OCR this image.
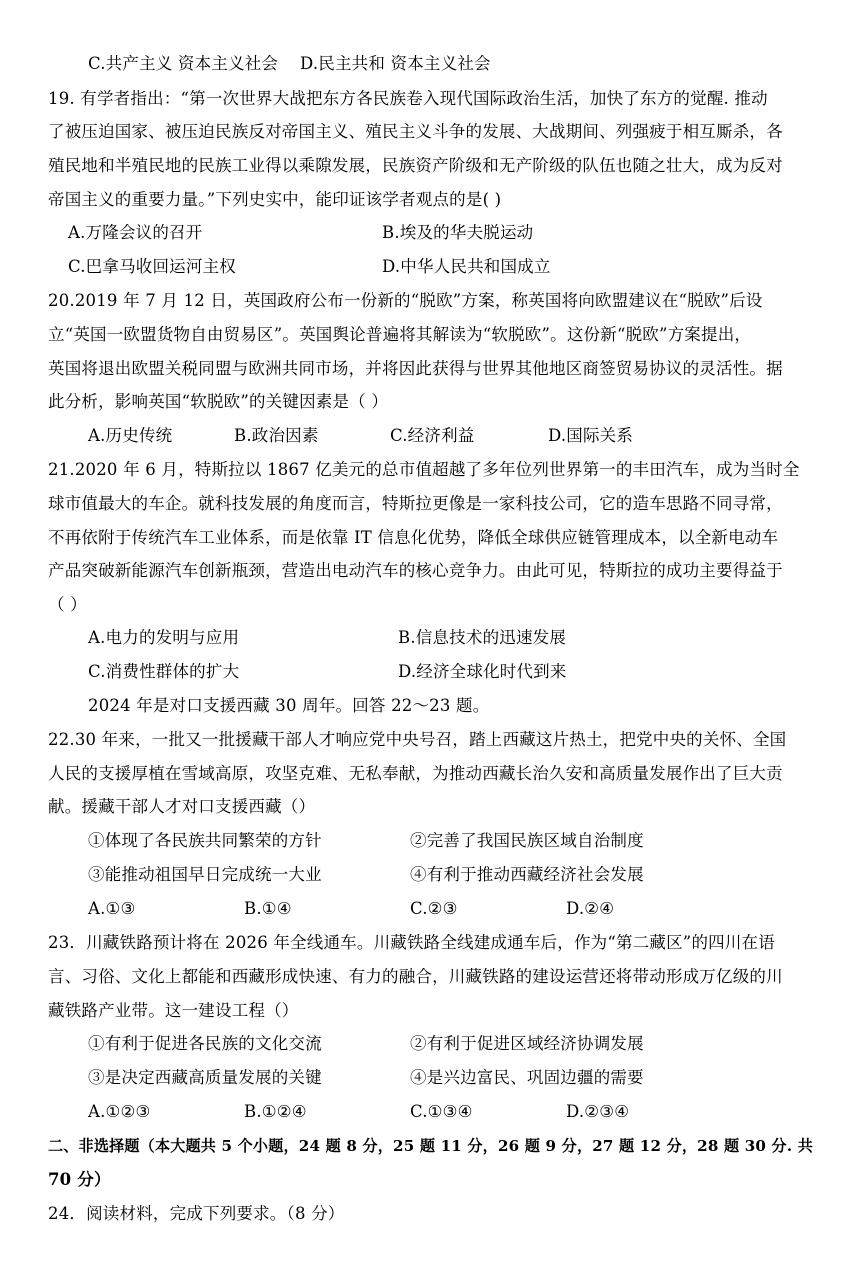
C.共产主义 资本主义社会 D.民主共和 资本主义社会
19. 有学者指出：“第一次世界大战把东方各民族卷入现代国际政治生活，加快了东方的觉醒. 推动
了被压迫国家、被压迫民族反对帝国主义、殖民主义斗争的发展、大战期间、列强疲于相互厮杀，各
殖民地和半殖民地的民族工业得以乘隙发展，民族资产阶级和无产阶级的队伍也随之壮大，成为反对
帝国主义的重要力量。”下列史实中，能印证该学者观点的是( )
A.万隆会议的召开	B.埃及的华夫脱运动
C.巴拿马收回运河主权	D.中华人民共和国成立
20.2019 年 7 月 12 日，英国政府公布一份新的“脱欧”方案，称英国将向欧盟建议在“脱欧”后设
立“英国一欧盟货物自由贸易区”。英国舆论普遍将其解读为“软脱欧”。这份新“脱欧”方案提出，
英国将退出欧盟关税同盟与欧洲共同市场，并将因此获得与世界其他地区商签贸易协议的灵活性。据
此分析，影响英国“软脱欧”的关键因素是（ ）
A.历史传统	B.政治因素	C.经济利益	D.国际关系
21.2020 年 6 月，特斯拉以 1867 亿美元的总市值超越了多年位列世界第一的丰田汽车，成为当时全
球市值最大的车企。就科技发展的角度而言，特斯拉更像是一家科技公司，它的造车思路不同寻常，
不再依附于传统汽车工业体系，而是依靠 IT 信息化优势，降低全球供应链管理成本，以全新电动车
产品突破新能源汽车创新瓶颈，营造出电动汽车的核心竞争力。由此可见，特斯拉的成功主要得益于
（ ）
A.电力的发明与应用	B.信息技术的迅速发展
C.消费性群体的扩大	D.经济全球化时代到来
2024 年是对口支援西藏 30 周年。回答 22～23 题。
22.30 年来，一批又一批援藏干部人才响应党中央号召，踏上西藏这片热土，把党中央的关怀、全国
人民的支援厚植在雪域高原，攻坚克难、无私奉献，为推动西藏长治久安和高质量发展作出了巨大贡
献。援藏干部人才对口支援西藏（）
①体现了各民族共同繁荣的方针	②完善了我国民族区域自治制度
③能推动祖国早日完成统一大业	④有利于推动西藏经济社会发展
A.①③	B.①④	C.②③	D.②④
23．川藏铁路预计将在 2026 年全线通车。川藏铁路全线建成通车后，作为“第二藏区”的四川在语
言、习俗、文化上都能和西藏形成快速、有力的融合，川藏铁路的建设运营还将带动形成万亿级的川
藏铁路产业带。这一建设工程（）
①有利于促进各民族的文化交流	②有利于促进区域经济协调发展
③是决定西藏高质量发展的关键	④是兴边富民、巩固边疆的需要
A.①②③	B.①②④	C.①③④	D.②③④
二、非选择题（本大题共 5 个小题，24 题 8 分，25 题 11 分，26 题 9 分，27 题 12 分，28 题 30 分. 共
70 分）
24．阅读材料，完成下列要求。（8 分）
